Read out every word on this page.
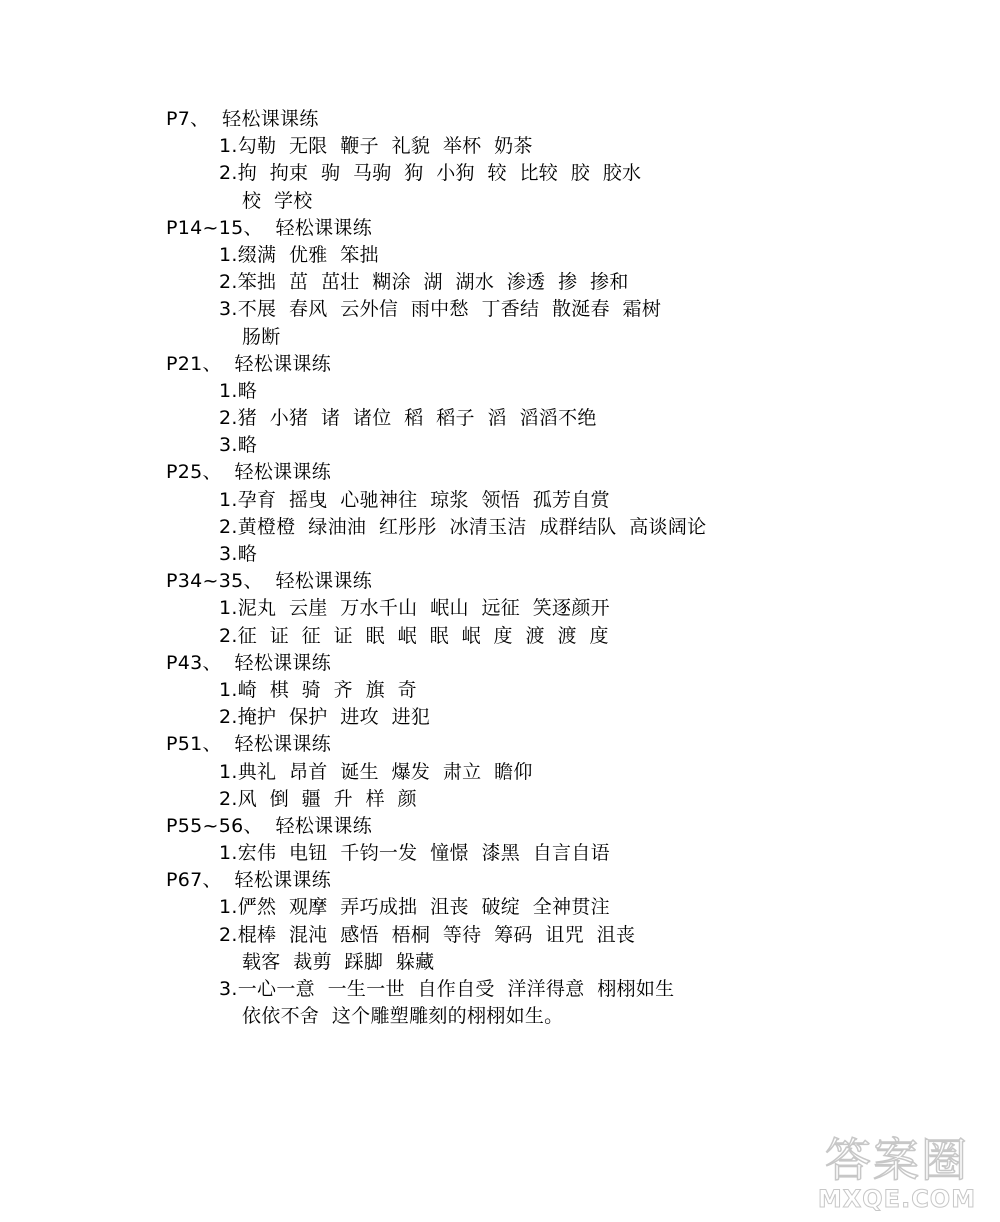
P7、 轻松课课练
1.勾勒  无限  鞭子  礼貌  举杯  奶茶
2.拘  拘束  驹  马驹  狗  小狗  较  比较  胶  胶水
校  学校
P14~15、 轻松课课练
1.缀满  优雅  笨拙
2.笨拙  茁  茁壮  糊涂  湖  湖水  渗透  掺  掺和
3.不展  春风  云外信  雨中愁  丁香结  散涎春  霜树
肠断
P21、 轻松课课练
1.略
2.猪  小猪  诸  诸位  稻  稻子  滔  滔滔不绝
3.略
P25、 轻松课课练
1.孕育  摇曳  心驰神往  琼浆  领悟  孤芳自赏
2.黄橙橙  绿油油  红彤彤  冰清玉洁  成群结队  高谈阔论
3.略
P34~35、 轻松课课练
1.泥丸  云崖  万水千山  岷山  远征  笑逐颜开
2.征  证  征  证  眠  岷  眠  岷  度  渡  渡  度
P43、 轻松课课练
1.崎  棋  骑  齐  旗  奇
2.掩护  保护  进攻  进犯
P51、 轻松课课练
1.典礼  昂首  诞生  爆发  肃立  瞻仰
2.风  倒  疆  升  样  颜
P55~56、 轻松课课练
1.宏伟  电钮  千钧一发  憧憬  漆黑  自言自语
P67、 轻松课课练
1.俨然  观摩  弄巧成拙  沮丧  破绽  全神贯注
2.棍棒  混沌  感悟  梧桐  等待  筹码  诅咒  沮丧
载客  裁剪  踩脚  躲藏
3.一心一意  一生一世  自作自受  洋洋得意  栩栩如生
依依不舍  这个雕塑雕刻的栩栩如生。
答案圈
MXQE.COM
